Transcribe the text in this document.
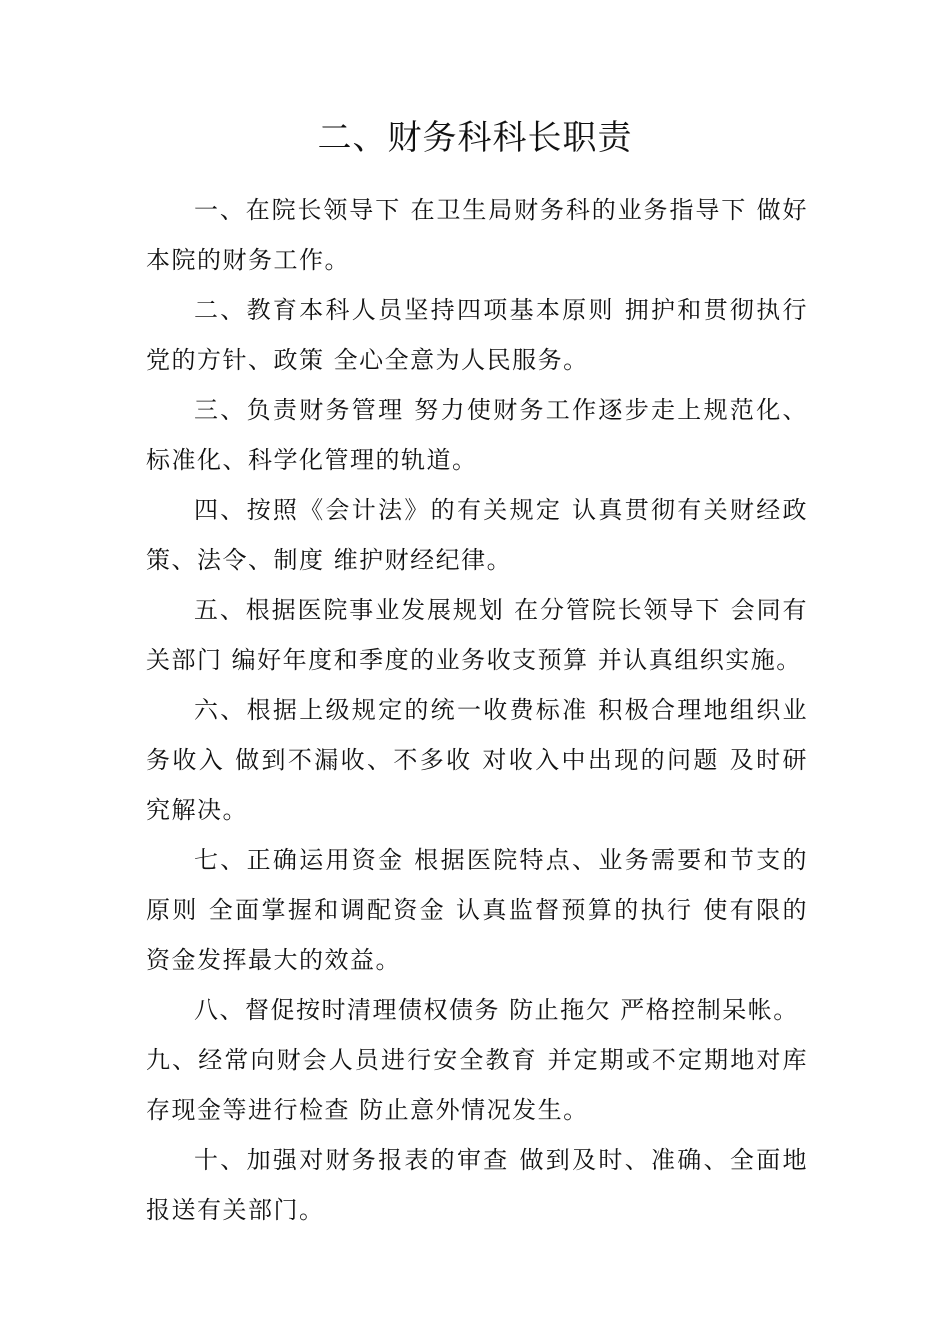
二、财务科科长职责

一、在院长领导下 在卫生局财务科的业务指导下 做好本院的财务工作。

二、教育本科人员坚持四项基本原则 拥护和贯彻执行党的方针、政策 全心全意为人民服务。

三、负责财务管理 努力使财务工作逐步走上规范化、标准化、科学化管理的轨道。

四、按照《会计法》的有关规定 认真贯彻有关财经政策、法令、制度 维护财经纪律。

五、根据医院事业发展规划 在分管院长领导下 会同有关部门 编好年度和季度的业务收支预算 并认真组织实施。

六、根据上级规定的统一收费标准 积极合理地组织业务收入 做到不漏收、不多收 对收入中出现的问题 及时研究解决。

七、正确运用资金 根据医院特点、业务需要和节支的原则 全面掌握和调配资金 认真监督预算的执行 使有限的资金发挥最大的效益。

八、督促按时清理债权债务 防止拖欠 严格控制呆帐。

九、经常向财会人员进行安全教育 并定期或不定期地对库存现金等进行检查 防止意外情况发生。

十、加强对财务报表的审查 做到及时、准确、全面地报送有关部门。
